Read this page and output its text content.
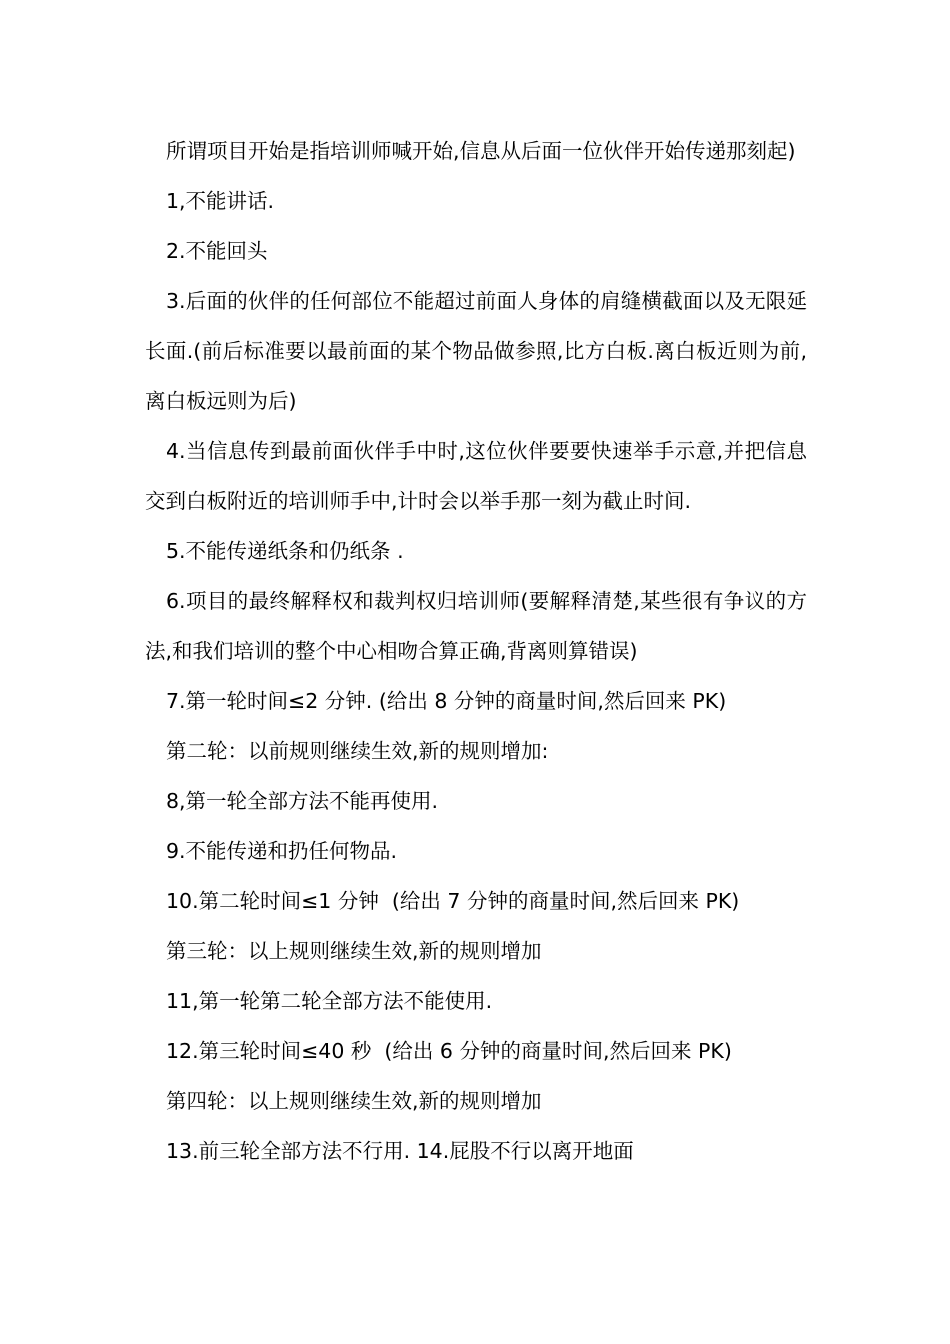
所谓项目开始是指培训师喊开始,信息从后面一位伙伴开始传递那刻起)

1,不能讲话.

2.不能回头

3.后面的伙伴的任何部位不能超过前面人身体的肩缝横截面以及无限延长面.(前后标准要以最前面的某个物品做参照,比方白板.离白板近则为前,离白板远则为后)

4.当信息传到最前面伙伴手中时,这位伙伴要要快速举手示意,并把信息交到白板附近的培训师手中,计时会以举手那一刻为截止时间.

5.不能传递纸条和仍纸条 .

6.项目的最终解释权和裁判权归培训师(要解释清楚,某些很有争议的方法,和我们培训的整个中心相吻合算正确,背离则算错误)

7.第一轮时间≤2 分钟. (给出 8 分钟的商量时间,然后回来 PK)

第二轮：以前规则继续生效,新的规则增加:

8,第一轮全部方法不能再使用.

9.不能传递和扔任何物品.

10.第二轮时间≤1 分钟  (给出 7 分钟的商量时间,然后回来 PK)

第三轮：以上规则继续生效,新的规则增加

11,第一轮第二轮全部方法不能使用.

12.第三轮时间≤40 秒  (给出 6 分钟的商量时间,然后回来 PK)

第四轮：以上规则继续生效,新的规则增加

13.前三轮全部方法不行用. 14.屁股不行以离开地面
